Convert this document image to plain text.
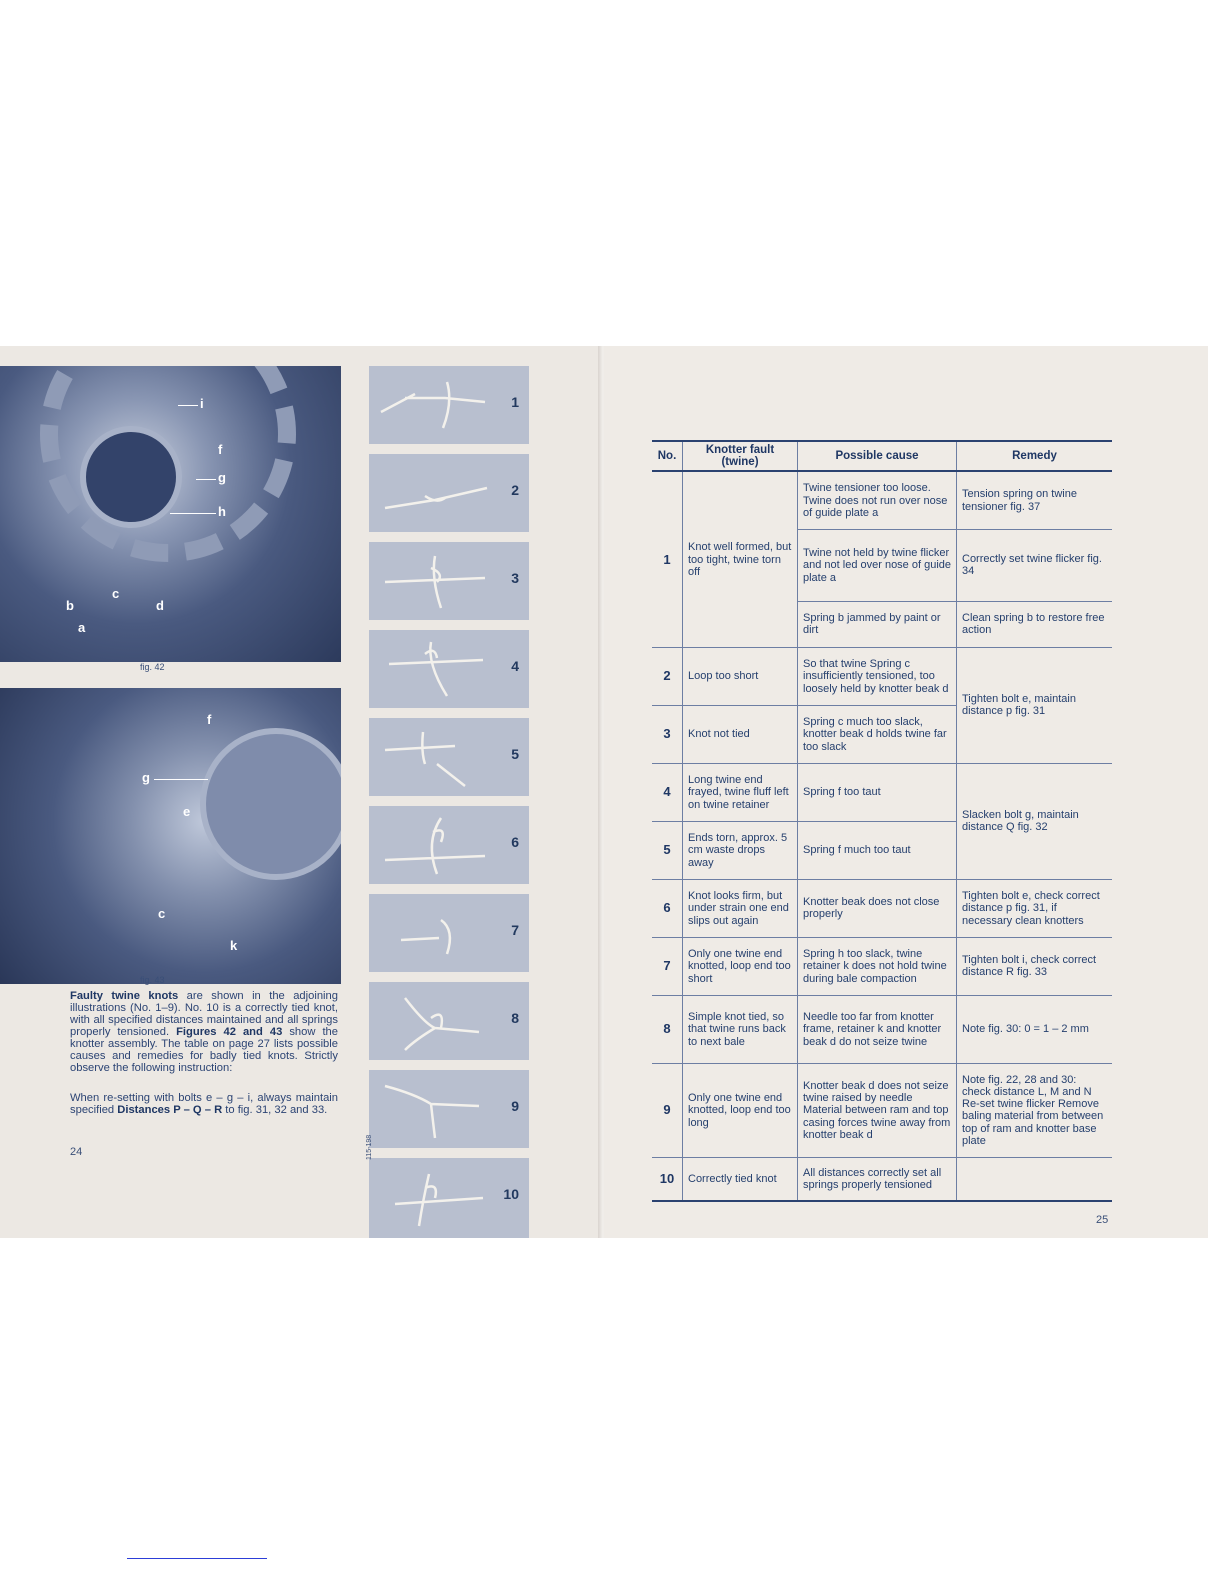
i
f
g
h
b
c
d
a
fig. 42
f
g
e
c
k
fig. 43
1
2
3
4
5
6
7
8
9
10
115-198
Faulty twine knots are shown in the adjoining illustrations (No. 1–9). No. 10 is a correctly tied knot, with all specified distances maintained and all springs properly tensioned. Figures 42 and 43 show the knotter assembly. The table on page 27 lists possible causes and remedies for badly tied knots. Strictly observe the following instruction:
When re-setting with bolts e – g – i, always maintain specified Distances P – Q – R to fig. 31, 32 and 33.
24
25
No.	Knotter fault (twine)	Possible cause	Remedy
1	Knot well formed, but too tight, twine torn off	Twine tensioner too loose. Twine does not run over nose of guide plate a	Tension spring on twine tensioner fig. 37
		Twine not held by twine flicker and not led over nose of guide plate a	Correctly set twine flicker fig. 34
		Spring b jammed by paint or dirt	Clean spring b to restore free action
2	Loop too short	So that twine Spring c insufficiently tensioned, too loosely held by knotter beak d	Tighten bolt e, maintain distance p fig. 31
3	Knot not tied	Spring c much too slack, knotter beak d holds twine far too slack	
4	Long twine end frayed, twine fluff left on twine retainer	Spring f too taut	Slacken bolt g, maintain distance Q fig. 32
5	Ends torn, approx. 5 cm waste drops away	Spring f much too taut	
6	Knot looks firm, but under strain one end slips out again	Knotter beak does not close properly	Tighten bolt e, check correct distance p fig. 31, if necessary clean knotters
7	Only one twine end knotted, loop end too short	Spring h too slack, twine retainer k does not hold twine during bale compaction	Tighten bolt i, check correct distance R fig. 33
8	Simple knot tied, so that twine runs back to next bale	Needle too far from knotter frame, retainer k and knotter beak d do not seize twine	Note fig. 30: 0 = 1 – 2 mm
9	Only one twine end knotted, loop end too long	Knotter beak d does not seize twine raised by needle Material between ram and top casing forces twine away from knotter beak d	Note fig. 22, 28 and 30: check distance L, M and N Re-set twine flicker Remove baling material from between top of ram and knotter base plate
10	Correctly tied knot	All distances correctly set all springs properly tensioned	
